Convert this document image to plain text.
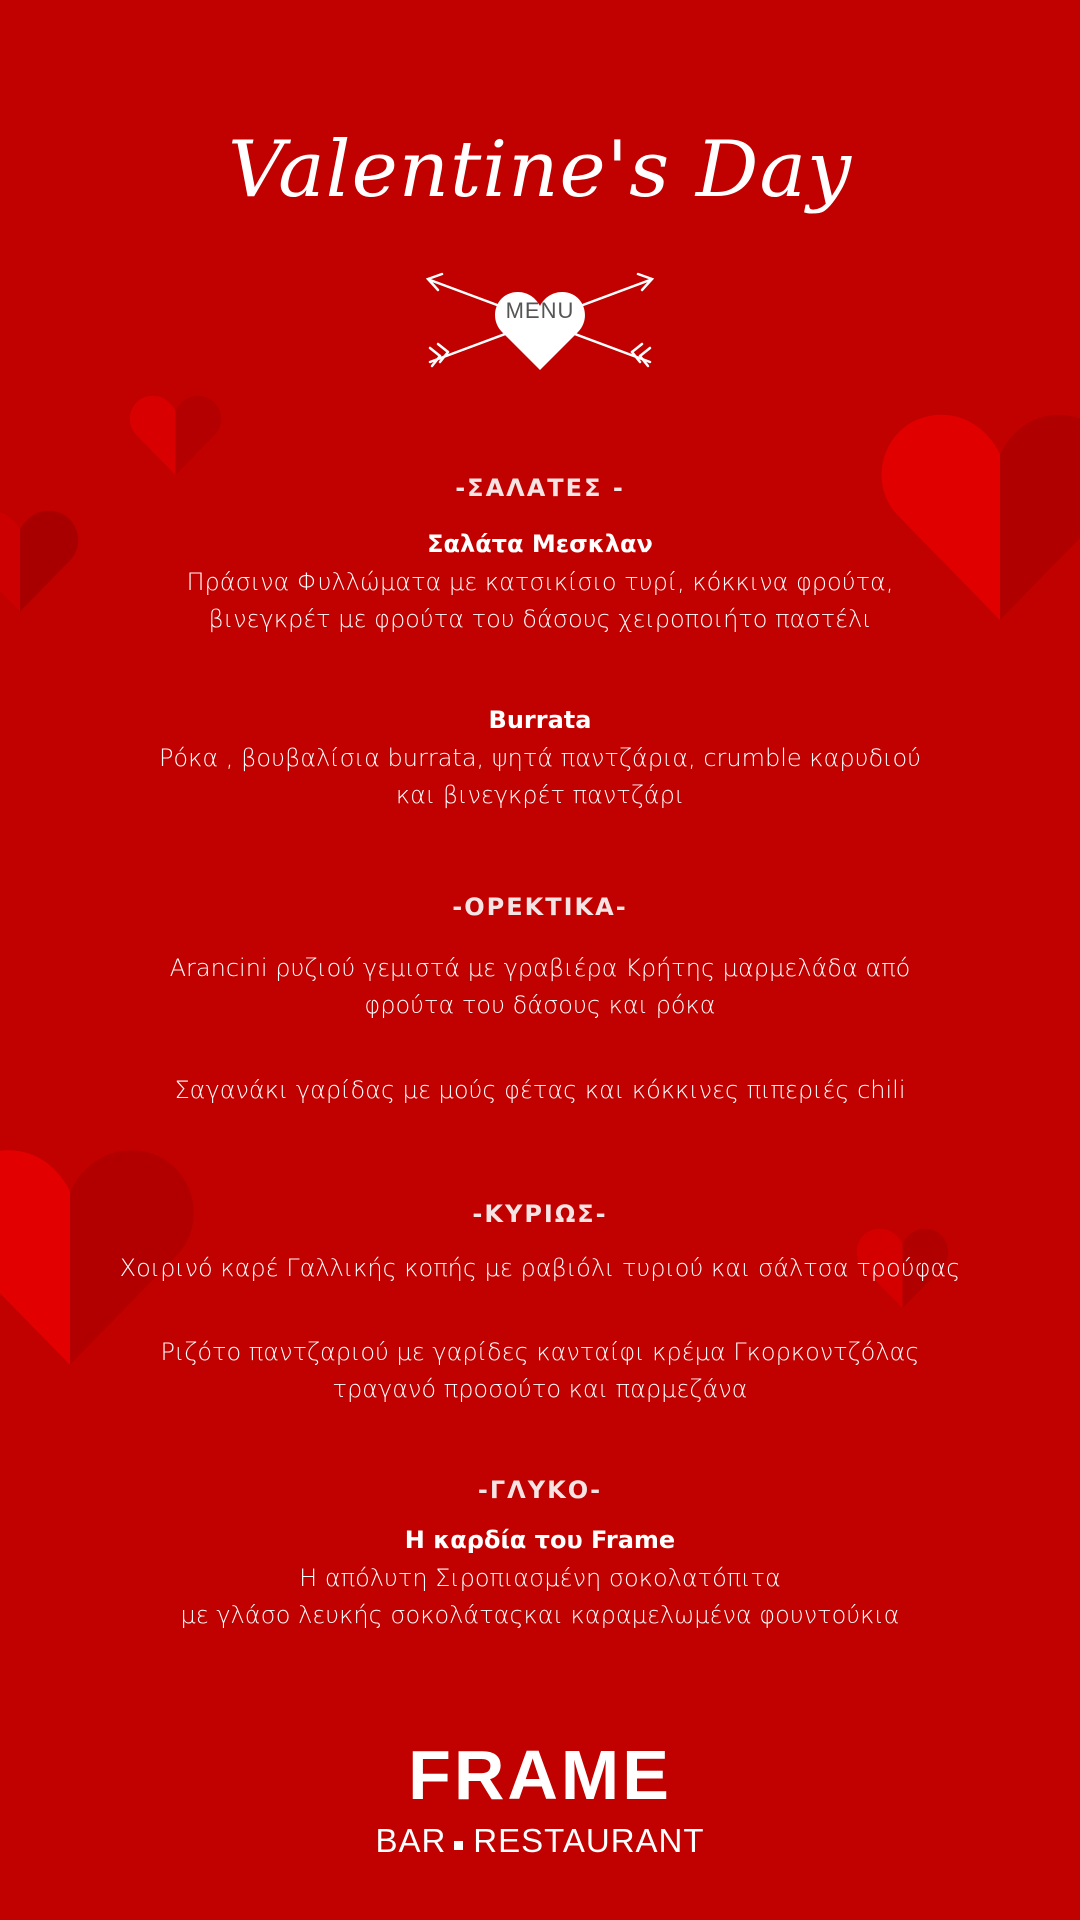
Valentine's Day
MENU
-ΣΑΛΑΤΕΣ -
Σαλάτα Μεσκλαν
Πράσινα Φυλλώματα με κατσικίσιο τυρί, κόκκινα φρούτα,
βινεγκρέτ με φρούτα του δάσους χειροποιήτο παστέλι
Burrata
Ρόκα , βουβαλίσια burrata, ψητά παντζάρια, crumble καρυδιού
και βινεγκρέτ παντζάρι
-ΟΡΕΚΤΙΚΑ-
Arancini ρυζιού γεμιστά με γραβιέρα Κρήτης μαρμελάδα από
φρούτα του δάσους και ρόκα
Σαγανάκι γαρίδας με μούς φέτας και κόκκινες πιπεριές chili
-ΚΥΡΙΩΣ-
Χοιρινό καρέ Γαλλικής κοπής με ραβιόλι τυριού και σάλτσα τρούφας
Ριζότο παντζαριού με γαρίδες κανταίφι κρέμα Γκορκοντζόλας
τραγανό προσούτο και παρμεζάνα
-ΓΛΥΚΟ-
Η καρδία του Frame
Η απόλυτη Σιροπιασμένη σοκολατόπιτα
με γλάσο λευκής σοκολάταςκαι καραμελωμένα φουντούκια
FRAME
BAR RESTAURANT
